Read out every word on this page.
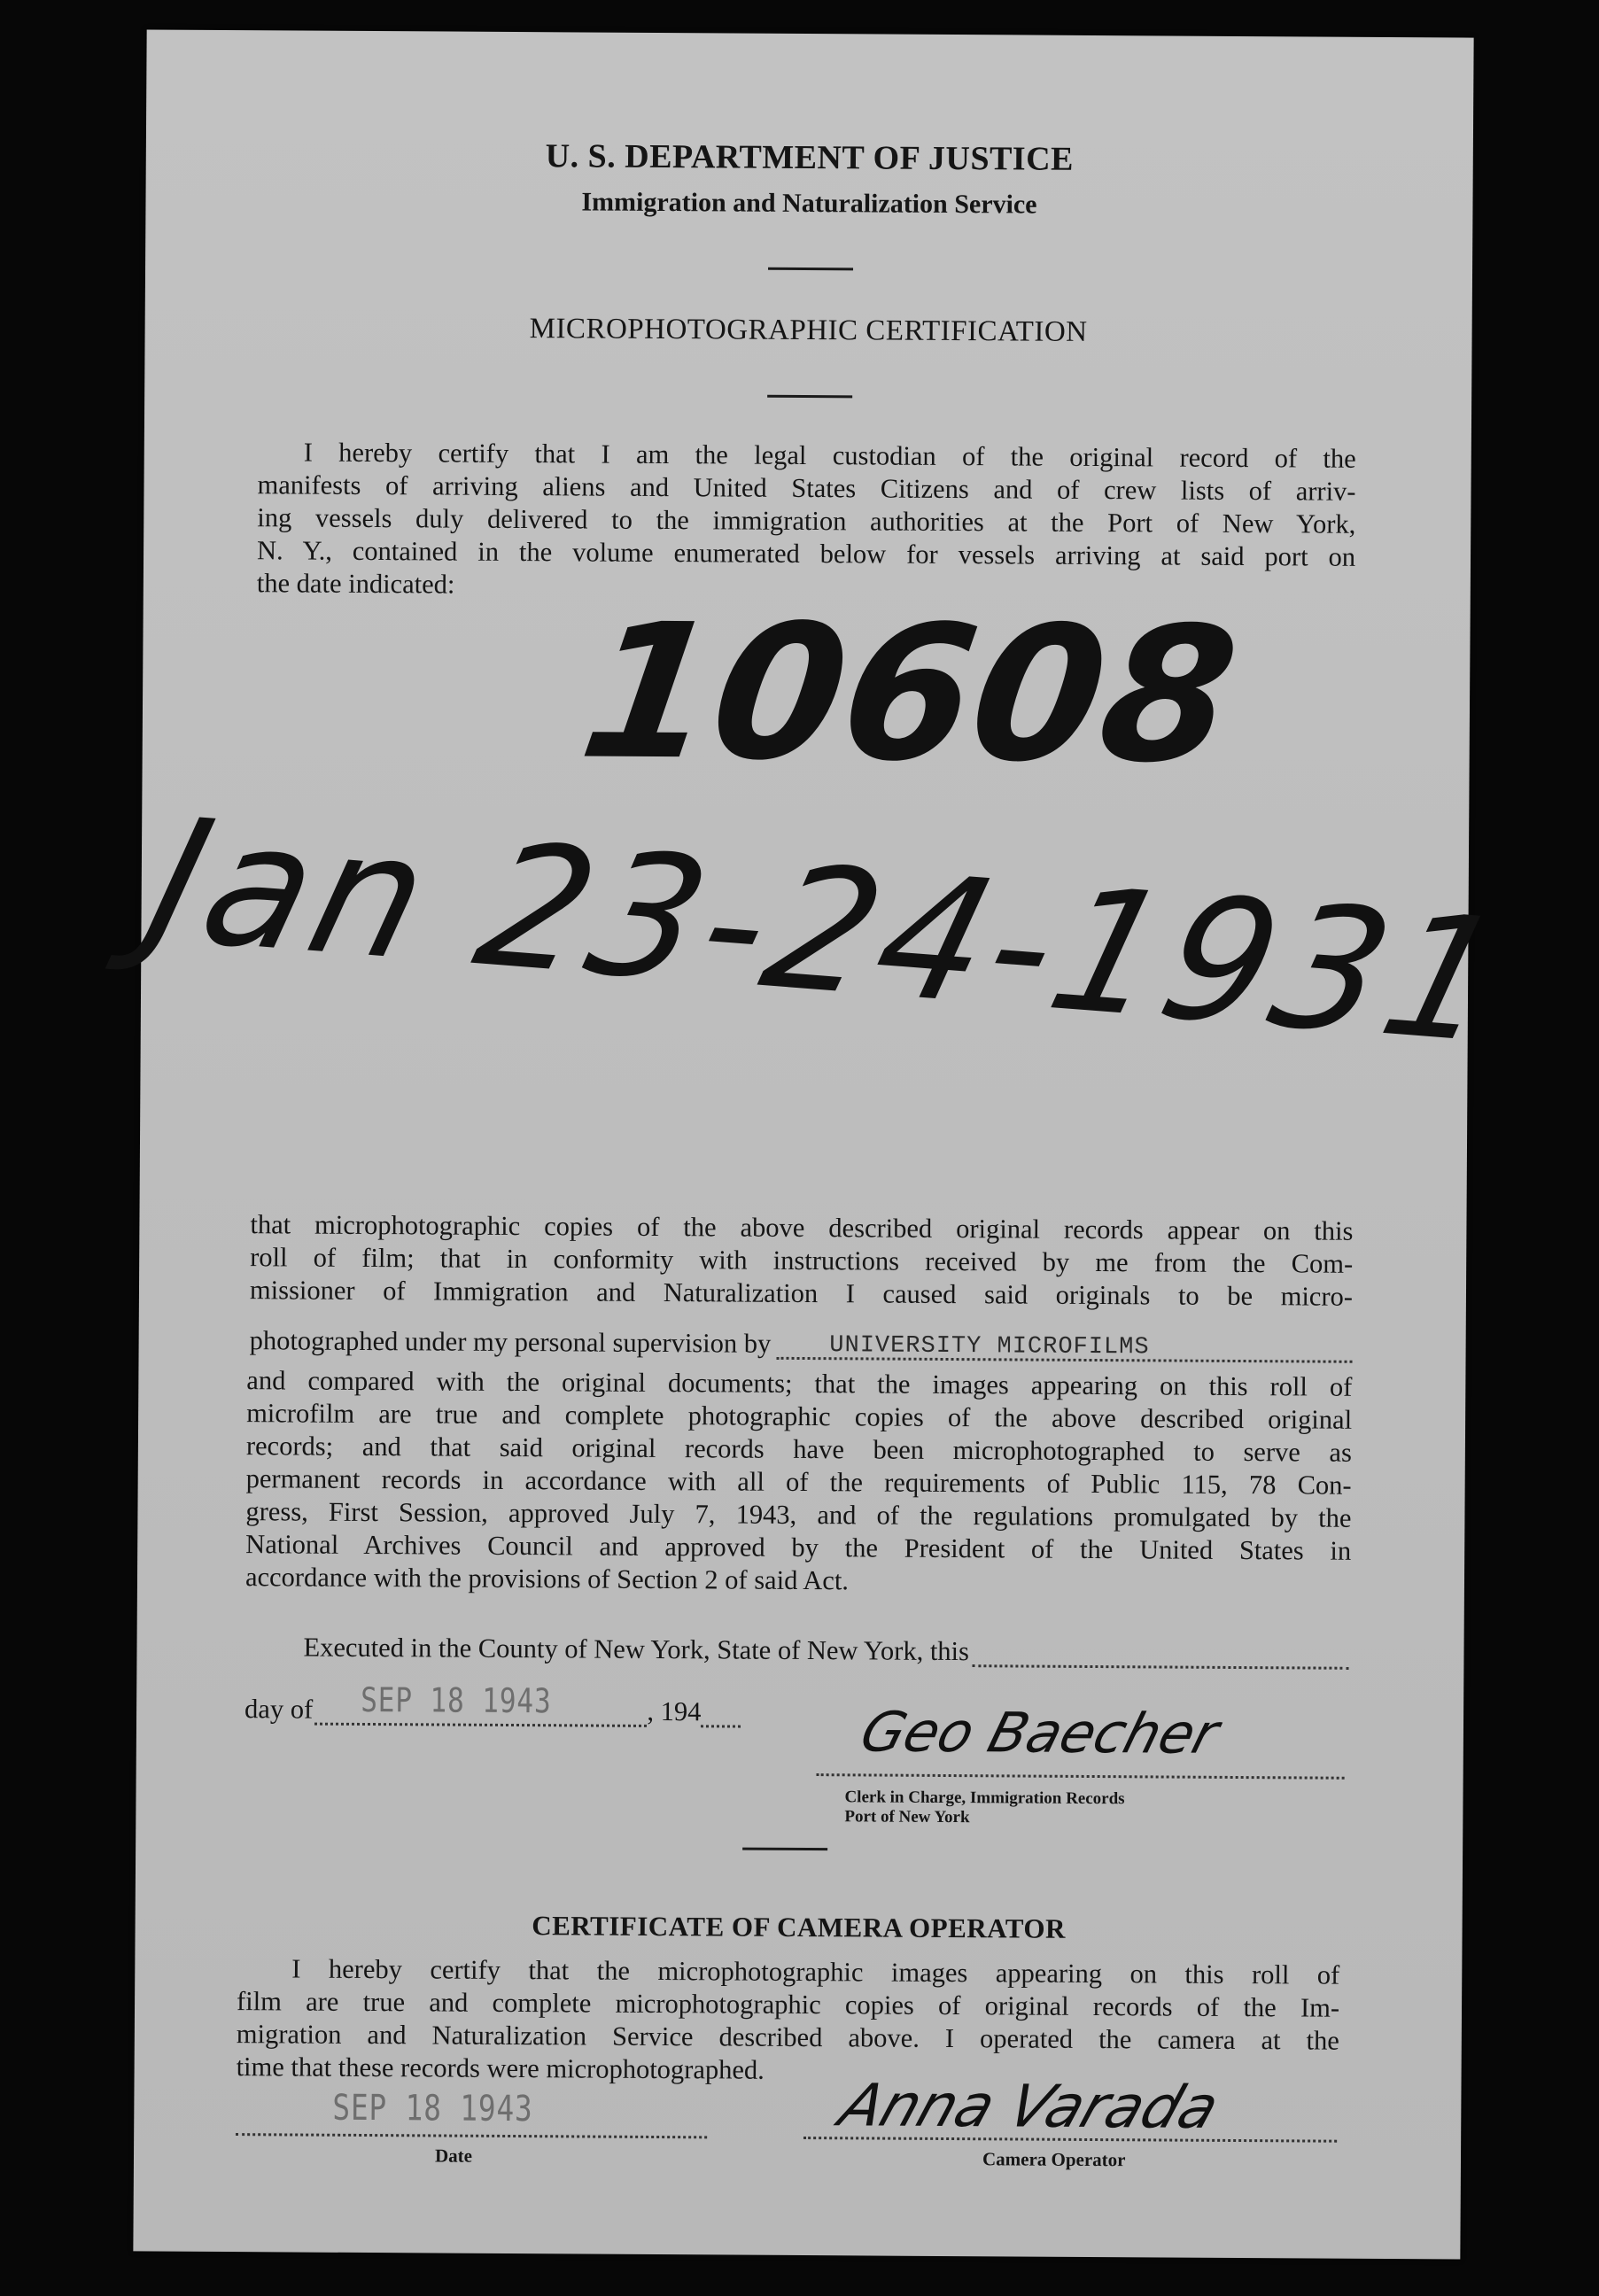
U. S. DEPARTMENT OF JUSTICE
Immigration and Naturalization Service
MICROPHOTOGRAPHIC CERTIFICATION
I hereby certify that I am the legal custodian of the original record of the
manifests of arriving aliens and United States Citizens and of crew lists of arriv-
ing vessels duly delivered to the immigration authorities at the Port of New York,
N. Y., contained in the volume enumerated below for vessels arriving at said port on
the date indicated: 10608
Jan 23-24-1931
that microphotographic copies of the above described original records appear on this
roll of film; that in conformity with instructions received by me from the Com-
missioner of Immigration and Naturalization I caused said originals to be micro-
photographed under my personal supervision by UNIVERSITY MICROFILMS
and compared with the original documents; that the images appearing on this roll of
microfilm are true and complete photographic copies of the above described original
records; and that said original records have been microphotographed to serve as
permanent records in accordance with all of the requirements of Public 115, 78 Con-
gress, First Session, approved July 7, 1943, and of the regulations promulgated by the
National Archives Council and approved by the President of the United States in
accordance with the provisions of Section 2 of said Act.
Executed in the County of New York, State of New York, this
day of SEP 18 1943	, 194	Geo Baecher
Clerk in Charge, Immigration Records
Port of New York
CERTIFICATE OF CAMERA OPERATOR
I hereby certify that the microphotographic images appearing on this roll of
film are true and complete microphotographic copies of original records of the Im-
migration and Naturalization Service described above. I operated the camera at the
time that these records were microphotographed.
SEP 18 1943
Date
Anna Varada
Camera Operator
